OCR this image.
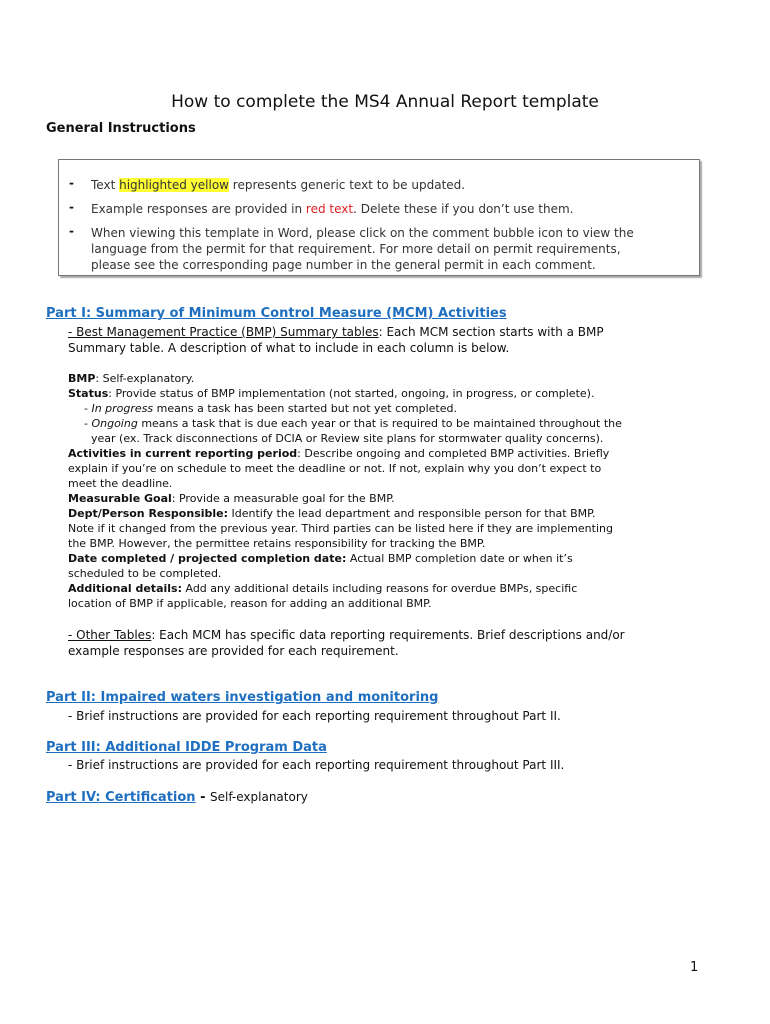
How to complete the MS4 Annual Report template
General Instructions
- Text highlighted yellow represents generic text to be updated.
- Example responses are provided in red text. Delete these if you don’t use them.
- When viewing this template in Word, please click on the comment bubble icon to view the
language from the permit for that requirement. For more detail on permit requirements,
please see the corresponding page number in the general permit in each comment.
Part I: Summary of Minimum Control Measure (MCM) Activities
- Best Management Practice (BMP) Summary tables: Each MCM section starts with a BMP
Summary table. A description of what to include in each column is below.
BMP: Self-explanatory.
Status: Provide status of BMP implementation (not started, ongoing, in progress, or complete).
- In progress means a task has been started but not yet completed.
- Ongoing means a task that is due each year or that is required to be maintained throughout the
year (ex. Track disconnections of DCIA or Review site plans for stormwater quality concerns).
Activities in current reporting period: Describe ongoing and completed BMP activities. Briefly
explain if you’re on schedule to meet the deadline or not. If not, explain why you don’t expect to
meet the deadline.
Measurable Goal: Provide a measurable goal for the BMP.
Dept/Person Responsible: Identify the lead department and responsible person for that BMP.
Note if it changed from the previous year. Third parties can be listed here if they are implementing
the BMP. However, the permittee retains responsibility for tracking the BMP.
Date completed / projected completion date: Actual BMP completion date or when it’s
scheduled to be completed.
Additional details: Add any additional details including reasons for overdue BMPs, specific
location of BMP if applicable, reason for adding an additional BMP.
- Other Tables: Each MCM has specific data reporting requirements. Brief descriptions and/or
example responses are provided for each requirement.
Part II: Impaired waters investigation and monitoring
- Brief instructions are provided for each reporting requirement throughout Part II.
Part III: Additional IDDE Program Data
- Brief instructions are provided for each reporting requirement throughout Part III.
Part IV: Certification - Self-explanatory
1
